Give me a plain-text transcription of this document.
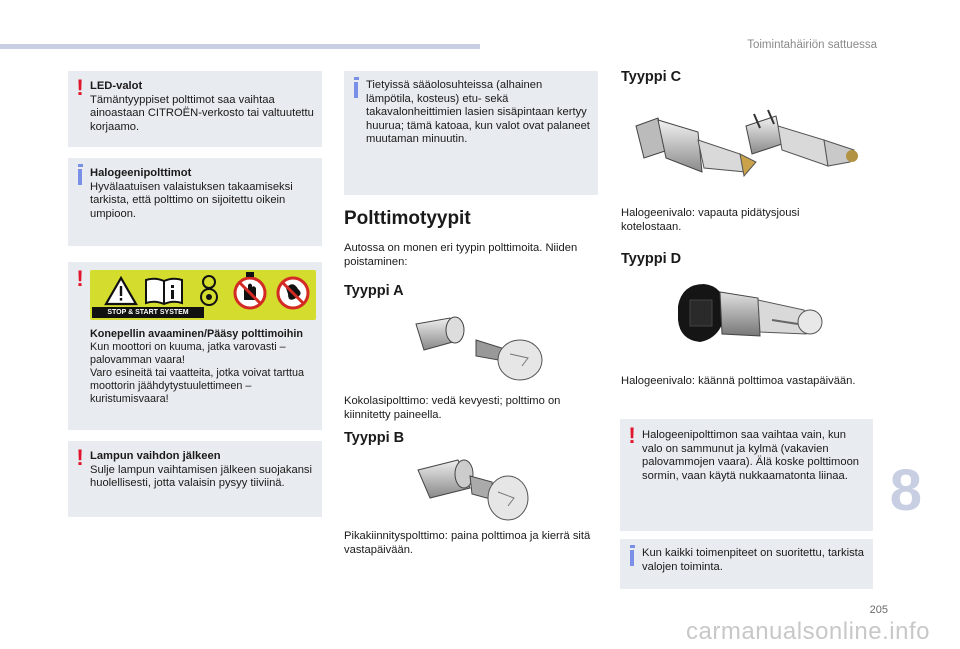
Toimintahäiriön sattuessa
! LED-valot
Tämäntyyppiset polttimot saa vaihtaa ainoastaan CITROËN-verkosto tai valtuutettu korjaamo.
Halogeenipolttimot
Hyvälaatuisen valaistuksen takaamiseksi tarkista, että polttimo on sijoitettu oikein umpioon.
!
Konepellin avaaminen/Pääsy polttimoihin
Kun moottori on kuuma, jatka varovasti – palovamman vaara!
Varo esineitä tai vaatteita, jotka voivat tarttua moottorin jäähdytystuulettimeen – kuristumisvaara!
STOP & START SYSTEM
! Lampun vaihdon jälkeen
Sulje lampun vaihtamisen jälkeen suojakansi huolellisesti, jotta valaisin pysyy tiiviinä.
Tietyissä sääolosuhteissa (alhainen lämpötila, kosteus) etu- sekä takavalonheittimien lasien sisäpintaan kertyy huurua; tämä katoaa, kun valot ovat palaneet muutaman minuutin.
Polttimotyypit
Autossa on monen eri tyypin polttimoita. Niiden poistaminen:
Tyyppi A
Kokolasipolttimo: vedä kevyesti; polttimo on kiinnitetty paineella.
Tyyppi B
Pikakiinnityspolttimo: paina polttimoa ja kierrä sitä vastapäivään.
Tyyppi C
Halogeenivalo: vapauta pidätysjousi kotelostaan.
Tyyppi D
Halogeenivalo: käännä polttimoa vastapäivään.
! Halogeenipolttimon saa vaihtaa vain, kun valo on sammunut ja kylmä (vakavien palovammojen vaara). Älä koske polttimoon sormin, vaan käytä nukkaamatonta liinaa.
Kun kaikki toimenpiteet on suoritettu, tarkista valojen toiminta.
8
205
carmanualsonline.info
